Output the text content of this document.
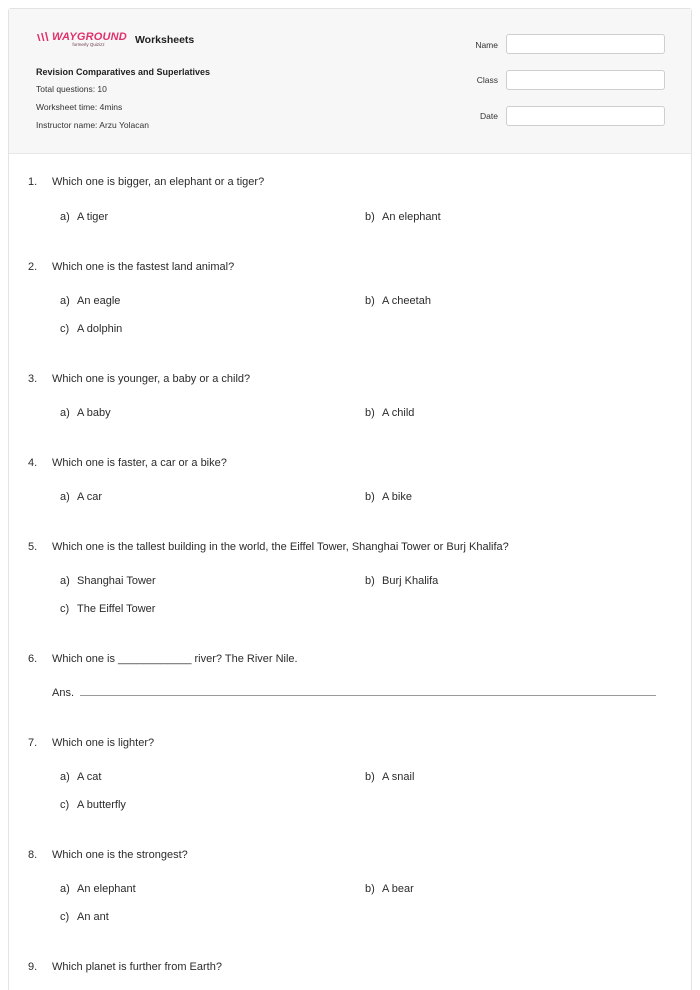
WAYGROUND
formerly Quizizz	Worksheets
Revision Comparatives and Superlatives
Total questions: 10
Worksheet time: 4mins
Instructor name: Arzu Yolacan
Name
Class
Date
1. Which one is bigger, an elephant or a tiger?
a) A tiger	b) An elephant
2. Which one is the fastest land animal?
a) An eagle	b) A cheetah
c) A dolphin
3. Which one is younger, a baby or a child?
a) A baby	b) A child
4. Which one is faster, a car or a bike?
a) A car	b) A bike
5. Which one is the tallest building in the world, the Eiffel Tower, Shanghai Tower or Burj Khalifa?
a) Shanghai Tower	b) Burj Khalifa
c) The Eiffel Tower
6. Which one is ____________ river? The River Nile.
Ans.
7. Which one is lighter?
a) A cat	b) A snail
c) A butterfly
8. Which one is the strongest?
a) An elephant	b) A bear
c) An ant
9. Which planet is further from Earth?
